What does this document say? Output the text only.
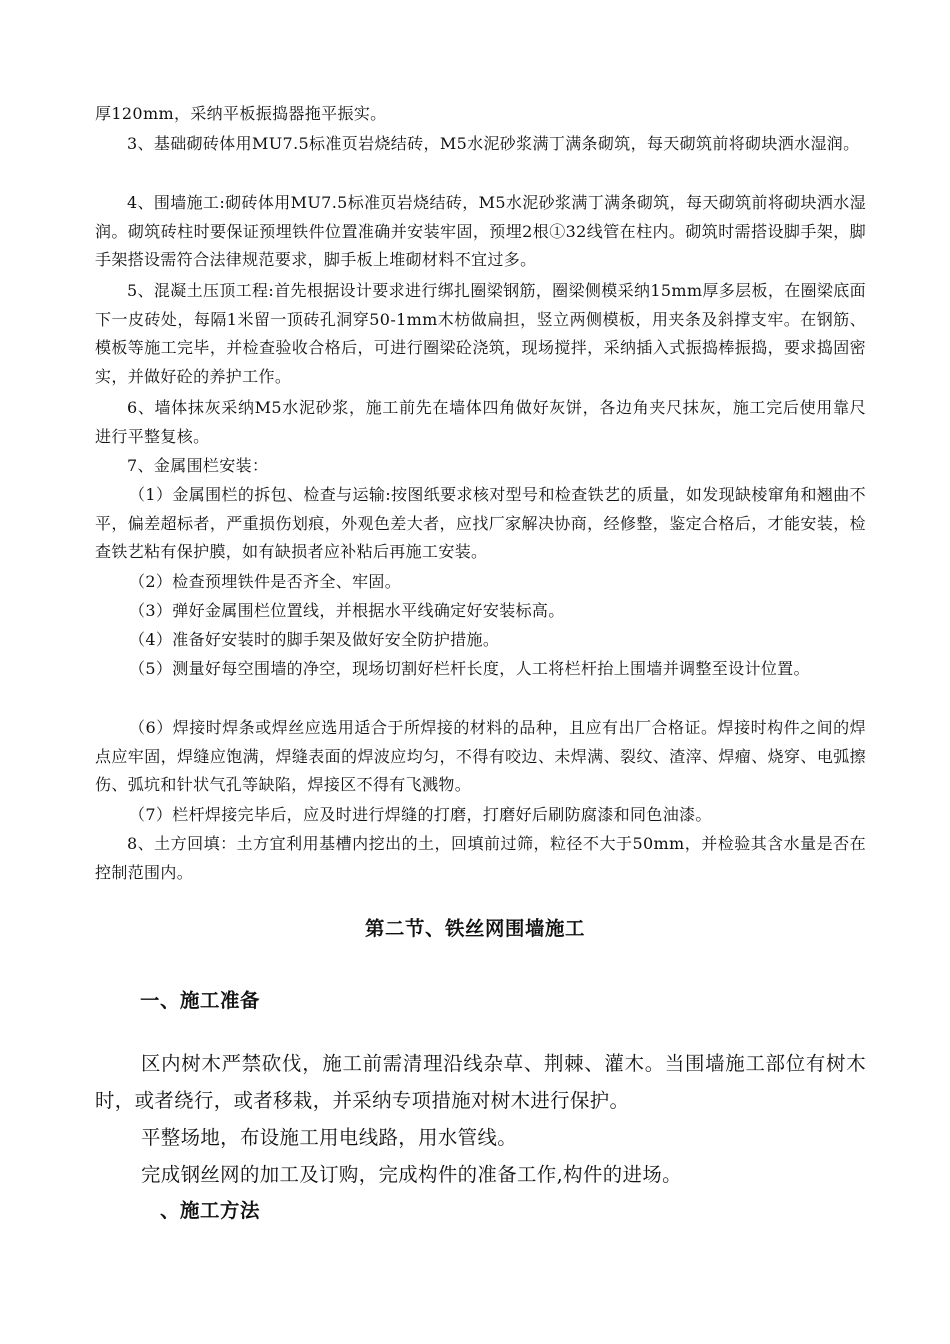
厚120mm，采纳平板振捣器拖平振实。

3、基础砌砖体用MU7.5标准页岩烧结砖，M5水泥砂浆满丁满条砌筑，每天砌筑前将砌块洒水湿润。

4、围墙施工:砌砖体用MU7.5标准页岩烧结砖，M5水泥砂浆满丁满条砌筑，每天砌筑前将砌块洒水湿润。砌筑砖柱时要保证预埋铁件位置准确并安装牢固，预埋2根①32线管在柱内。砌筑时需搭设脚手架，脚手架搭设需符合法律规范要求，脚手板上堆砌材料不宜过多。

5、混凝土压顶工程:首先根据设计要求进行绑扎圈梁钢筋，圈梁侧模采纳15mm厚多层板，在圈梁底面下一皮砖处，每隔1米留一顶砖孔洞穿50-1mm木枋做扁担，竖立两侧模板，用夹条及斜撑支牢。在钢筋、模板等施工完毕，并检查验收合格后，可进行圈梁砼浇筑，现场搅拌，采纳插入式振捣棒振捣，要求捣固密实，并做好砼的养护工作。

6、墙体抹灰采纳M5水泥砂浆，施工前先在墙体四角做好灰饼，各边角夹尺抹灰，施工完后使用靠尺进行平整复核。

7、金属围栏安装：

（1）金属围栏的拆包、检查与运输:按图纸要求核对型号和检查铁艺的质量，如发现缺棱窜角和翘曲不平，偏差超标者，严重损伤划痕，外观色差大者，应找厂家解决协商，经修整，鉴定合格后，才能安装，检查铁艺粘有保护膜，如有缺损者应补粘后再施工安装。

（2）检查预埋铁件是否齐全、牢固。

（3）弹好金属围栏位置线，并根据水平线确定好安装标高。

（4）准备好安装时的脚手架及做好安全防护措施。

（5）测量好每空围墙的净空，现场切割好栏杆长度，人工将栏杆抬上围墙并调整至设计位置。

（6）焊接时焊条或焊丝应选用适合于所焊接的材料的品种，且应有出厂合格证。焊接时构件之间的焊点应牢固，焊缝应饱满，焊缝表面的焊波应均匀，不得有咬边、未焊满、裂纹、渣滓、焊瘤、烧穿、电弧擦伤、弧坑和针状气孔等缺陷，焊接区不得有飞溅物。

（7）栏杆焊接完毕后，应及时进行焊缝的打磨，打磨好后刷防腐漆和同色油漆。

8、土方回填：土方宜利用基槽内挖出的土，回填前过筛，粒径不大于50mm，并检验其含水量是否在控制范围内。

第二节、铁丝网围墙施工
一、施工准备

区内树木严禁砍伐，施工前需清理沿线杂草、荆棘、灌木。当围墙施工部位有树木时，或者绕行，或者移栽，并采纳专项措施对树木进行保护。

平整场地，布设施工用电线路，用水管线。

完成钢丝网的加工及订购，完成构件的准备工作,构件的进场。

、施工方法
